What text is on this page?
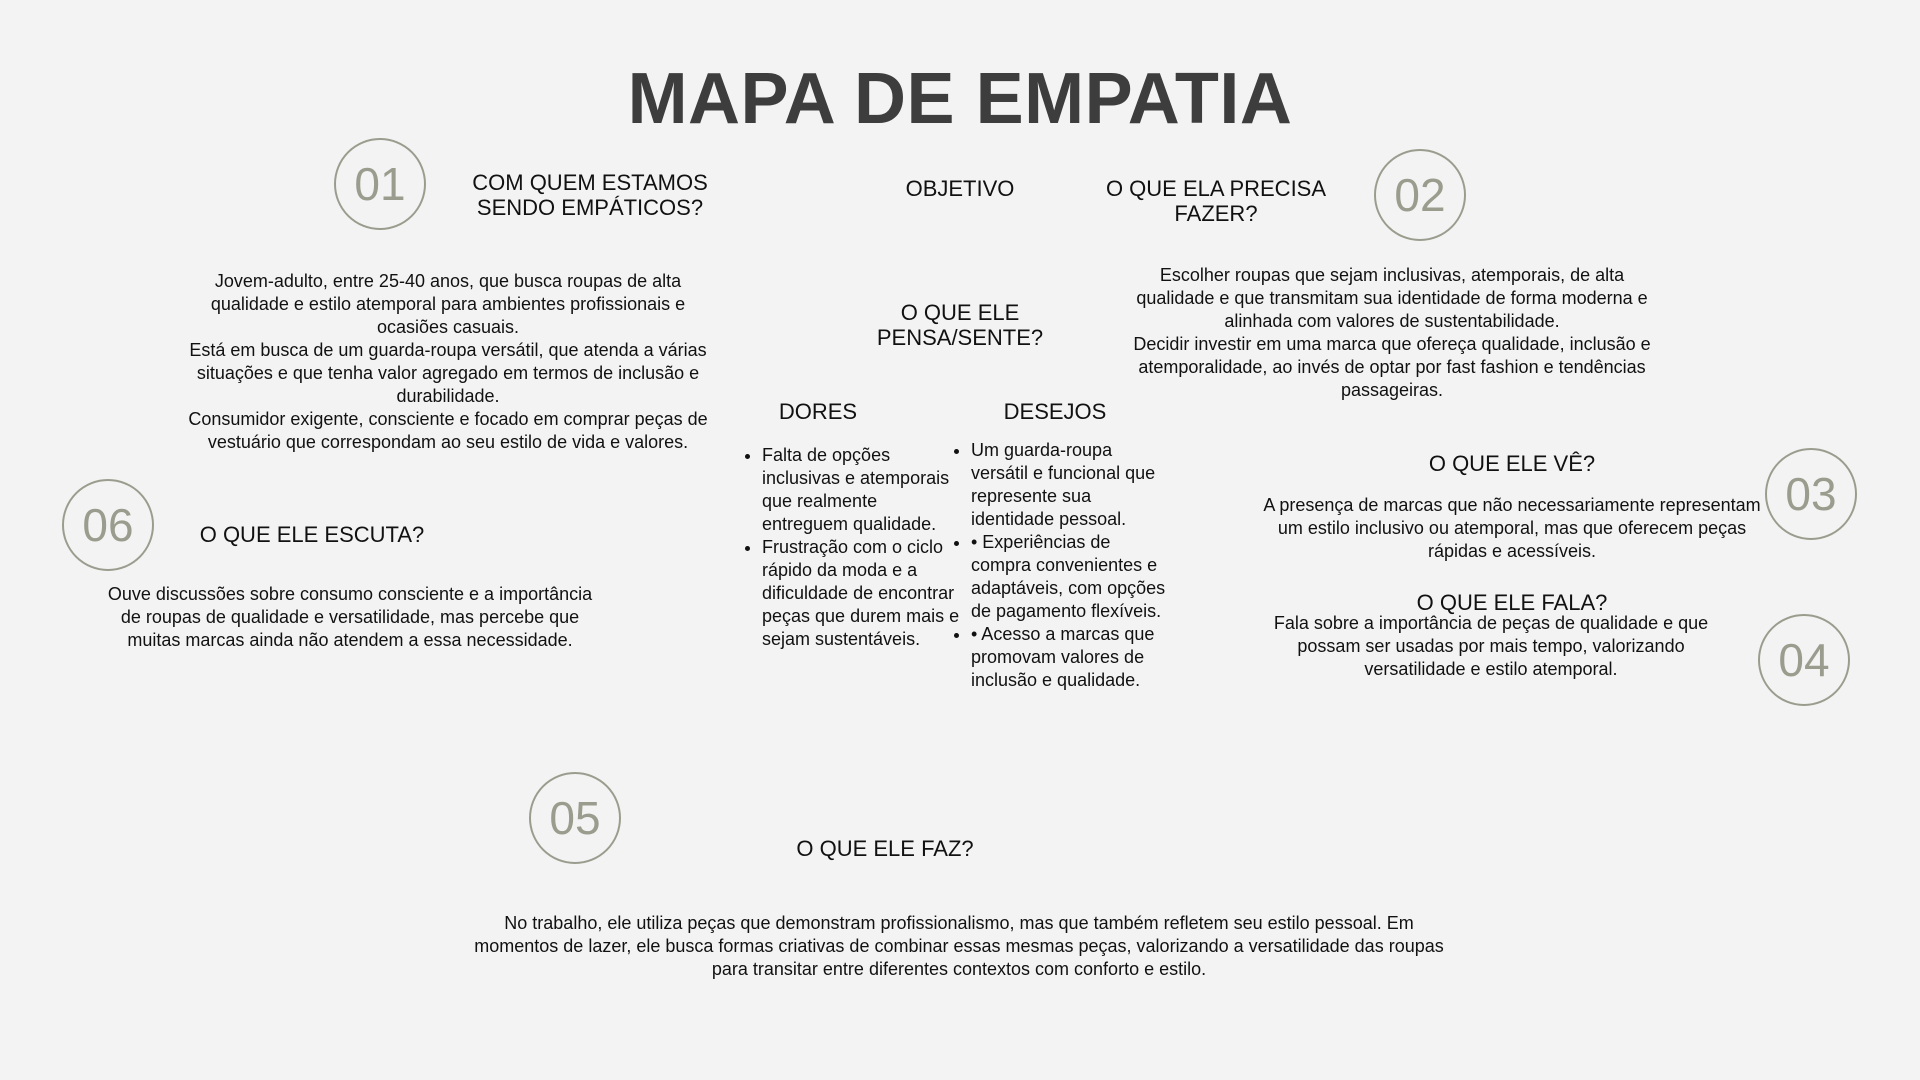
MAPA DE EMPATIA
01	02
03
04
05
06
COM QUEM ESTAMOS SENDO EMPÁTICOS?
Jovem-adulto, entre 25-40 anos, que busca roupas de alta qualidade e estilo atemporal para ambientes profissionais e ocasiões casuais.
Está em busca de um guarda-roupa versátil, que atenda a várias situações e que tenha valor agregado em termos de inclusão e durabilidade.
Consumidor exigente, consciente e focado em comprar peças de vestuário que correspondam ao seu estilo de vida e valores.
OBJETIVO	O QUE ELA PRECISA FAZER?
Escolher roupas que sejam inclusivas, atemporais, de alta qualidade e que transmitam sua identidade de forma moderna e alinhada com valores de sustentabilidade.
Decidir investir em uma marca que ofereça qualidade, inclusão e atemporalidade, ao invés de optar por fast fashion e tendências passageiras.
O QUE ELE PENSA/SENTE?
DORES	DESEJOS
• Falta de opções inclusivas e atemporais que realmente entreguem qualidade.
• Frustração com o ciclo rápido da moda e a dificuldade de encontrar peças que durem mais e sejam sustentáveis.
• Um guarda-roupa versátil e funcional que represente sua identidade pessoal.
• • Experiências de compra convenientes e adaptáveis, com opções de pagamento flexíveis.
• • Acesso a marcas que promovam valores de inclusão e qualidade.
O QUE ELE VÊ?
A presença de marcas que não necessariamente representam um estilo inclusivo ou atemporal, mas que oferecem peças rápidas e acessíveis.
O QUE ELE FALA?
Fala sobre a importância de peças de qualidade e que possam ser usadas por mais tempo, valorizando versatilidade e estilo atemporal.
O QUE ELE ESCUTA?
Ouve discussões sobre consumo consciente e a importância de roupas de qualidade e versatilidade, mas percebe que muitas marcas ainda não atendem a essa necessidade.
O QUE ELE FAZ?
No trabalho, ele utiliza peças que demonstram profissionalismo, mas que também refletem seu estilo pessoal. Em momentos de lazer, ele busca formas criativas de combinar essas mesmas peças, valorizando a versatilidade das roupas para transitar entre diferentes contextos com conforto e estilo.
